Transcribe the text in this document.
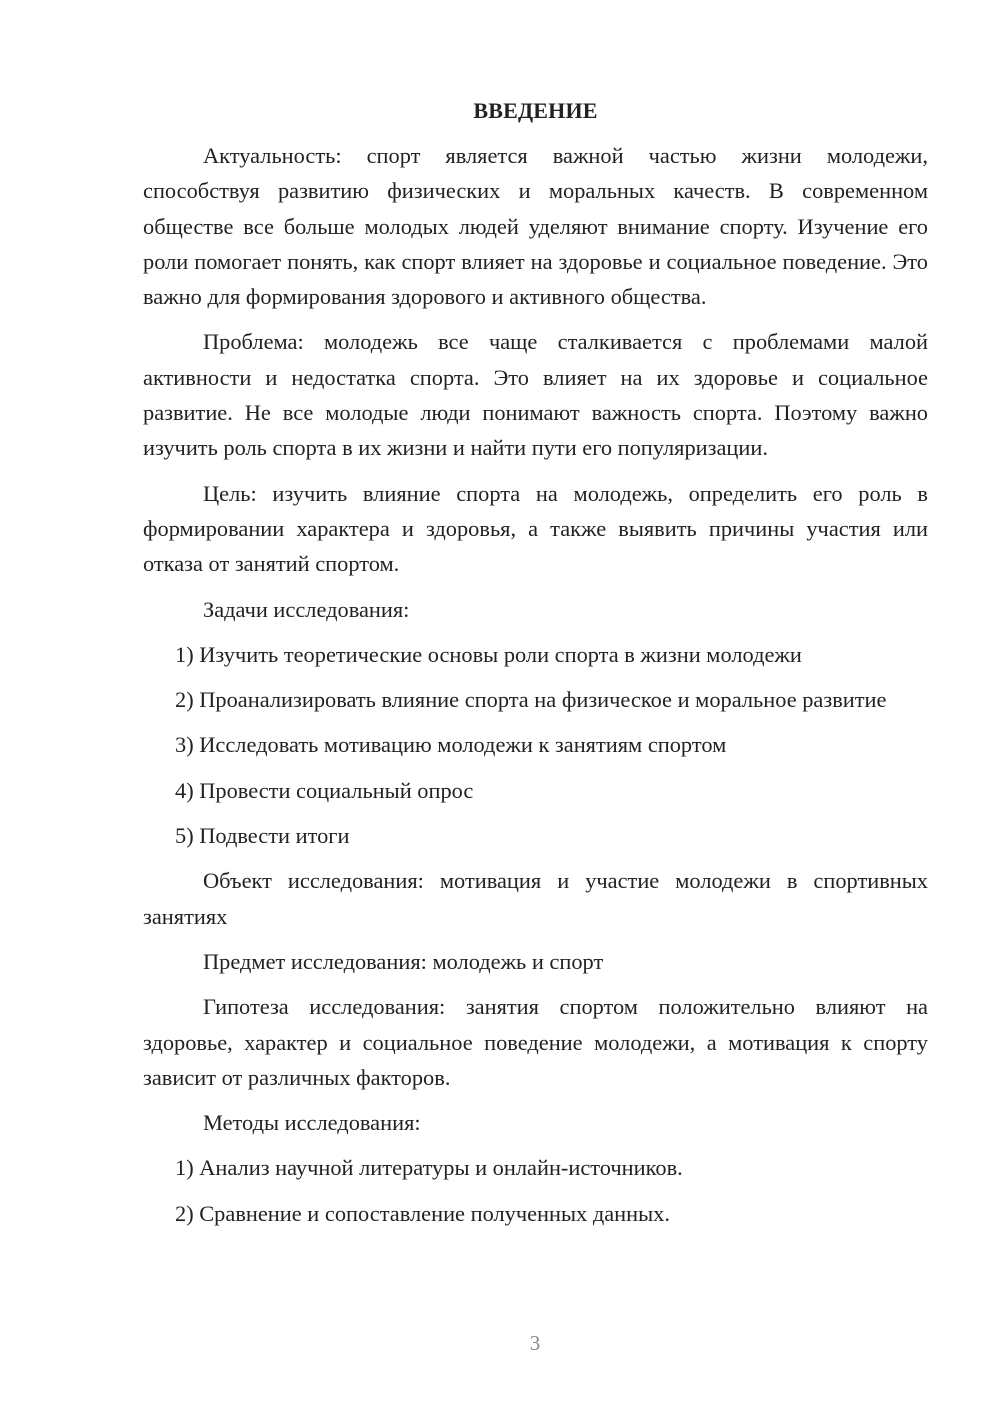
ВВЕДЕНИЕ

Актуальность: спорт является важной частью жизни молодежи, способствуя развитию физических и моральных качеств. В современном обществе все больше молодых людей уделяют внимание спорту. Изучение его роли помогает понять, как спорт влияет на здоровье и социальное поведение. Это важно для формирования здорового и активного общества.

Проблема: молодежь все чаще сталкивается с проблемами малой активности и недостатка спорта. Это влияет на их здоровье и социальное развитие. Не все молодые люди понимают важность спорта. Поэтому важно изучить роль спорта в их жизни и найти пути его популяризации.

Цель: изучить влияние спорта на молодежь, определить его роль в формировании характера и здоровья, а также выявить причины участия или отказа от занятий спортом.

Задачи исследования:

1) Изучить теоретические основы роли спорта в жизни молодежи

2) Проанализировать влияние спорта на физическое и моральное развитие

3) Исследовать мотивацию молодежи к занятиям спортом

4) Провести социальный опрос

5) Подвести итоги

Объект исследования: мотивация и участие молодежи в спортивных занятиях

Предмет исследования: молодежь и спорт

Гипотеза исследования: занятия спортом положительно влияют на здоровье, характер и социальное поведение молодежи, а мотивация к спорту зависит от различных факторов.

Методы исследования:

1) Анализ научной литературы и онлайн-источников.

2) Сравнение и сопоставление полученных данных.

3
